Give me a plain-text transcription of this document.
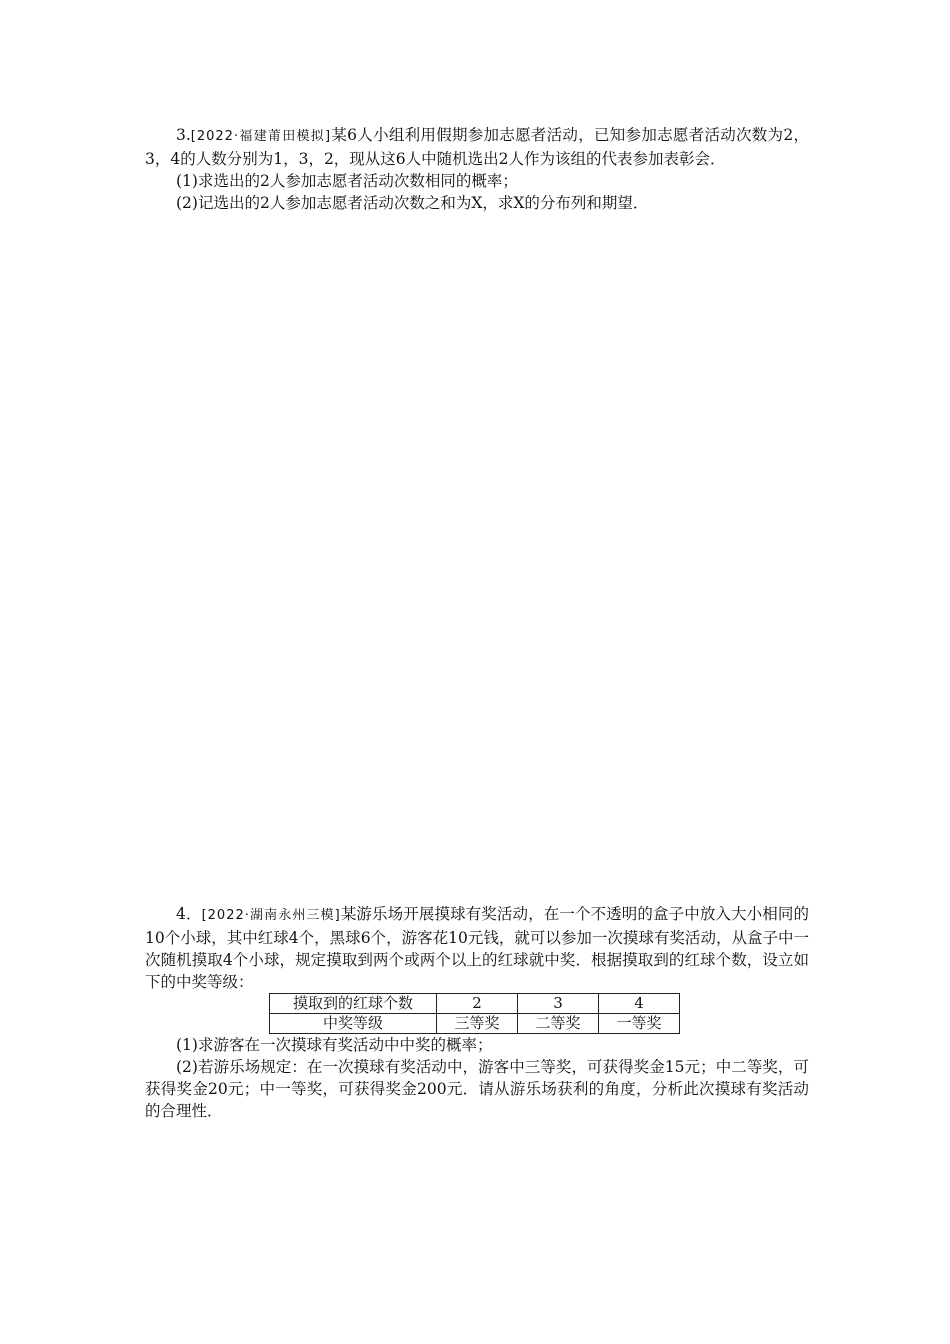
3.[2022·福建莆田模拟]某6人小组利用假期参加志愿者活动，已知参加志愿者活动次数为2，3，4的人数分别为1，3，2，现从这6人中随机选出2人作为该组的代表参加表彰会．

(1)求选出的2人参加志愿者活动次数相同的概率；

(2)记选出的2人参加志愿者活动次数之和为X，求X的分布列和期望．

4．[2022·湖南永州三模]某游乐场开展摸球有奖活动，在一个不透明的盒子中放入大小相同的10个小球，其中红球4个，黑球6个，游客花10元钱，就可以参加一次摸球有奖活动，从盒子中一次随机摸取4个小球，规定摸取到两个或两个以上的红球就中奖．根据摸取到的红球个数，设立如下的中奖等级：

摸取到的红球个数	2	3	4
中奖等级	三等奖	二等奖	一等奖

(1)求游客在一次摸球有奖活动中中奖的概率；

(2)若游乐场规定：在一次摸球有奖活动中，游客中三等奖，可获得奖金15元；中二等奖，可获得奖金20元；中一等奖，可获得奖金200元．请从游乐场获利的角度，分析此次摸球有奖活动的合理性．
